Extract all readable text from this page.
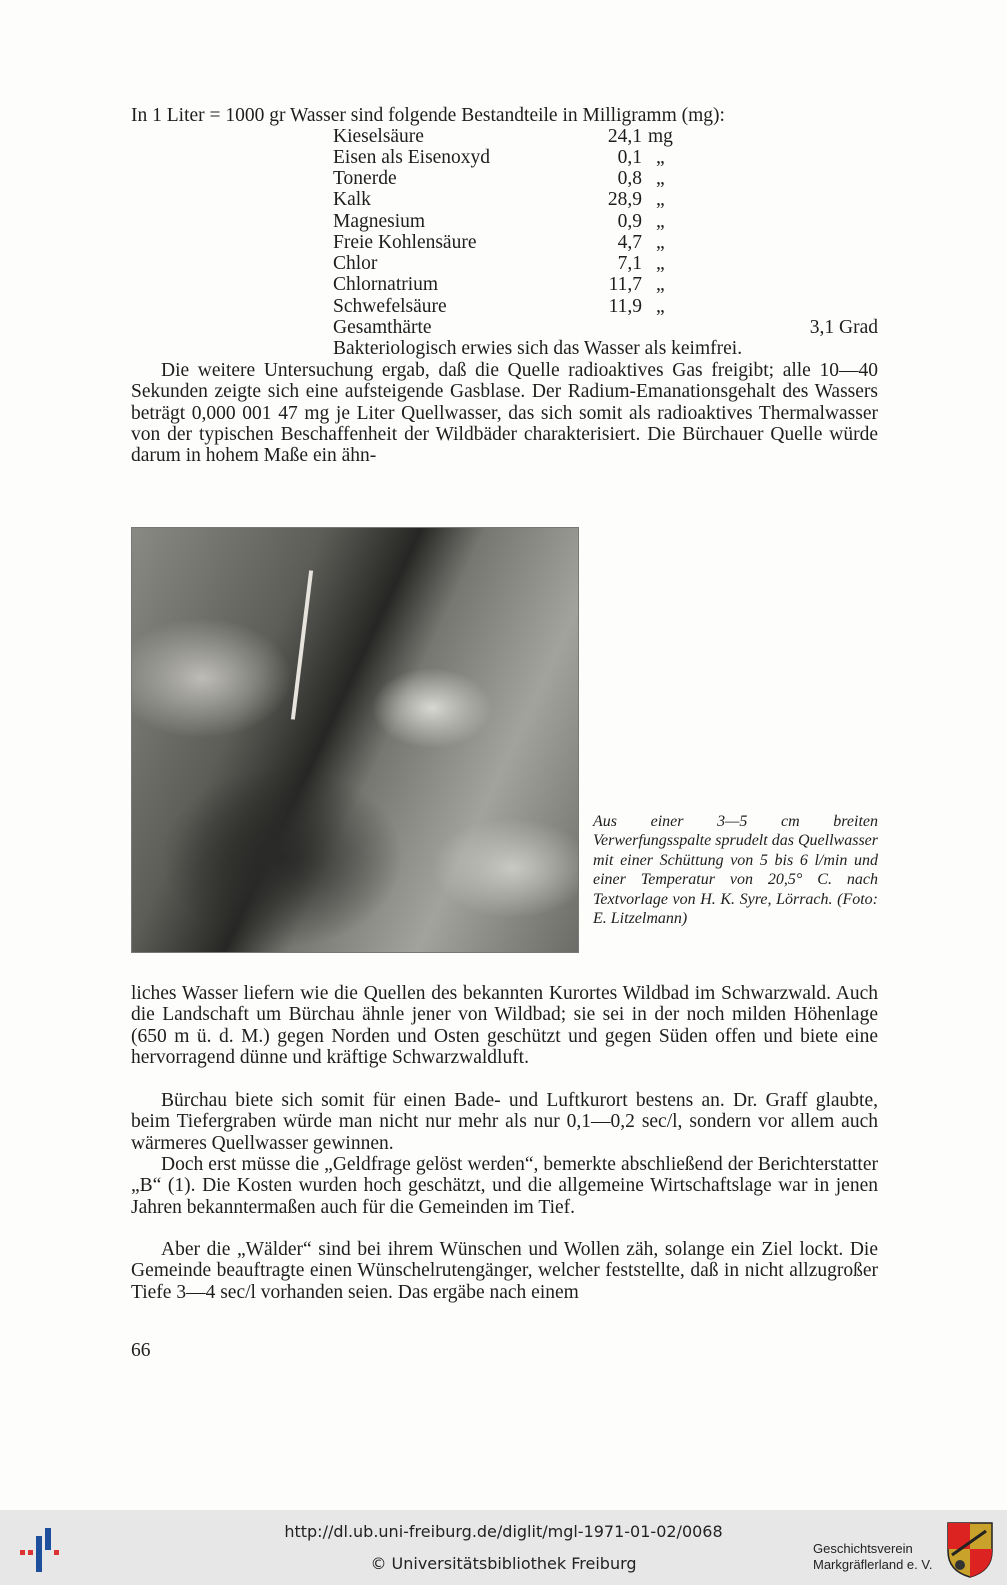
In 1 Liter = 1000 gr Wasser sind folgende Bestandteile in Milligramm (mg):
Kieselsäure	24,1 mg
Eisen als Eisenoxyd	0,1 „
Tonerde	0,8 „
Kalk	28,9 „
Magnesium	0,9 „
Freie Kohlensäure	4,7 „
Chlor	7,1 „
Chlornatrium	11,7 „
Schwefelsäure	11,9 „
Gesamthärte	3,1 Grad
Bakteriologisch erwies sich das Wasser als keimfrei.

Die weitere Untersuchung ergab, daß die Quelle radioaktives Gas freigibt; alle 10—40 Sekunden zeigte sich eine aufsteigende Gasblase. Der Radium-Emanationsgehalt des Wassers beträgt 0,000 001 47 mg je Liter Quellwasser, das sich somit als radioaktives Thermalwasser von der typischen Beschaffenheit der Wildbäder charakterisiert. Die Bürchauer Quelle würde darum in hohem Maße ein ähn-

Aus einer 3—5 cm breiten Verwerfungsspalte sprudelt das Quellwasser mit einer Schüttung von 5 bis 6 l/min und einer Temperatur von 20,5° C. nach Textvorlage von H. K. Syre, Lörrach. (Foto: E. Litzelmann)

liches Wasser liefern wie die Quellen des bekannten Kurortes Wildbad im Schwarzwald. Auch die Landschaft um Bürchau ähnle jener von Wildbad; sie sei in der noch milden Höhenlage (650 m ü. d. M.) gegen Norden und Osten geschützt und gegen Süden offen und biete eine hervorragend dünne und kräftige Schwarzwaldluft.

Bürchau biete sich somit für einen Bade- und Luftkurort bestens an. Dr. Graff glaubte, beim Tiefergraben würde man nicht nur mehr als nur 0,1—0,2 sec/l, sondern vor allem auch wärmeres Quellwasser gewinnen.

Doch erst müsse die „Geldfrage gelöst werden“, bemerkte abschließend der Berichterstatter „B“ (1). Die Kosten wurden hoch geschätzt, und die allgemeine Wirtschaftslage war in jenen Jahren bekanntermaßen auch für die Gemeinden im Tief.

Aber die „Wälder“ sind bei ihrem Wünschen und Wollen zäh, solange ein Ziel lockt. Die Gemeinde beauftragte einen Wünschelrutengänger, welcher feststellte, daß in nicht allzugroßer Tiefe 3—4 sec/l vorhanden seien. Das ergäbe nach einem

66
http://dl.ub.uni-freiburg.de/diglit/mgl-1971-01-02/0068
© Universitätsbibliothek Freiburg
Geschichtsverein
Markgräflerland e. V.
